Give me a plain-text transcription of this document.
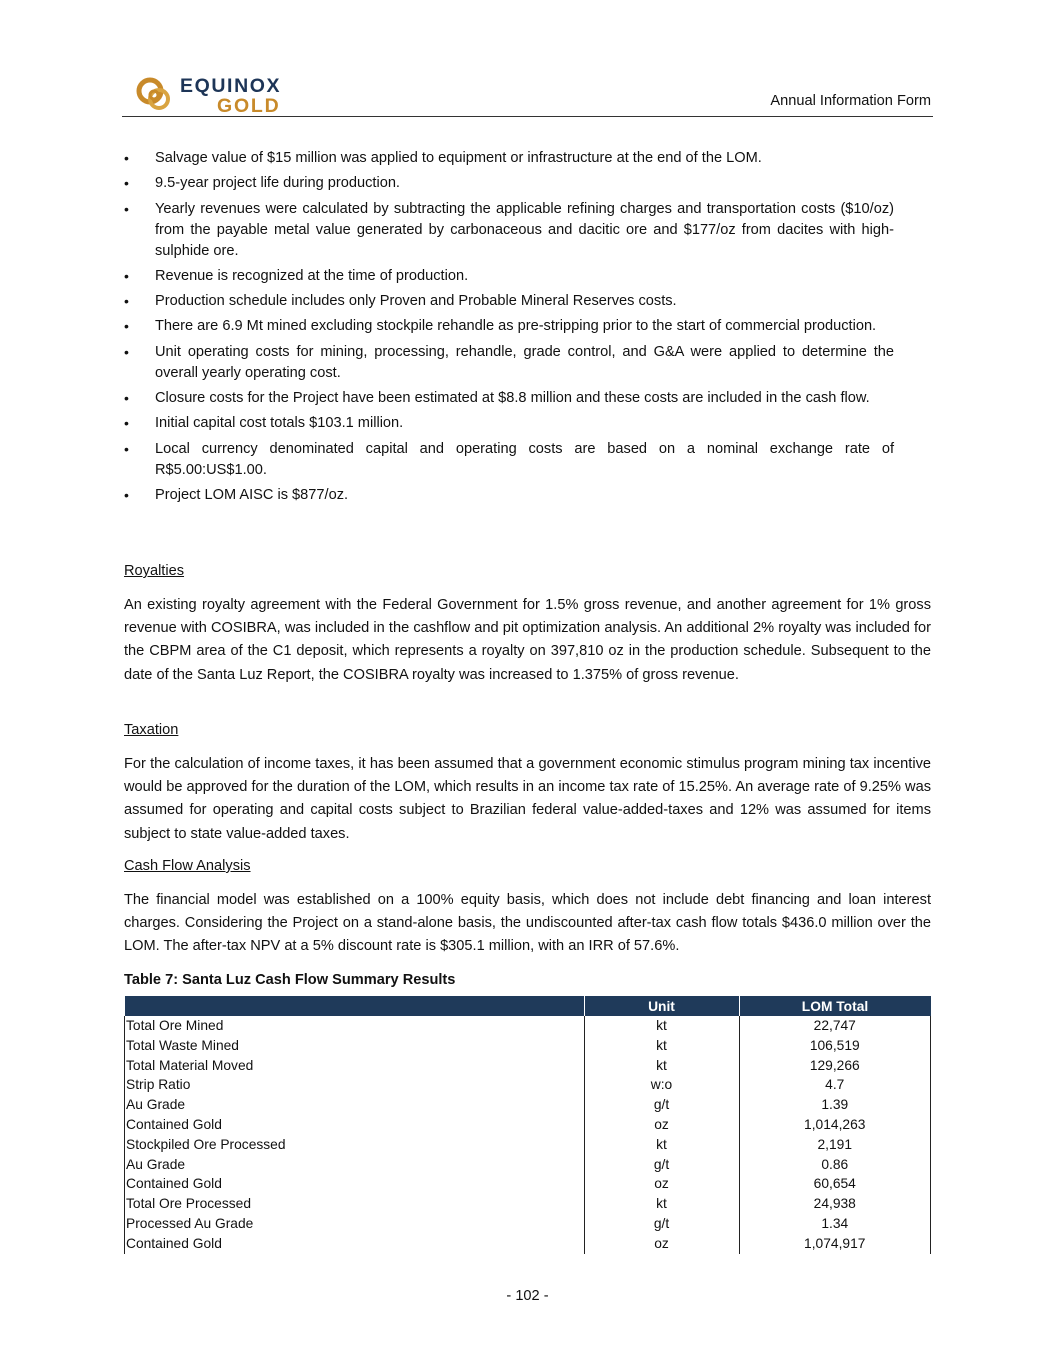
EQUINOX
GOLD	Annual Information Form
• Salvage value of $15 million was applied to equipment or infrastructure at the end of the LOM.
• 9.5-year project life during production.
• Yearly revenues were calculated by subtracting the applicable refining charges and transportation costs ($10/oz) from the payable metal value generated by carbonaceous and dacitic ore and $177/oz from dacites with high-sulphide ore.
• Revenue is recognized at the time of production.
• Production schedule includes only Proven and Probable Mineral Reserves costs.
• There are 6.9 Mt mined excluding stockpile rehandle as pre-stripping prior to the start of commercial production.
• Unit operating costs for mining, processing, rehandle, grade control, and G&A were applied to determine the overall yearly operating cost.
• Closure costs for the Project have been estimated at $8.8 million and these costs are included in the cash flow.
• Initial capital cost totals $103.1 million.
• Local currency denominated capital and operating costs are based on a nominal exchange rate of R$5.00:US$1.00.
• Project LOM AISC is $877/oz.
Royalties

An existing royalty agreement with the Federal Government for 1.5% gross revenue, and another agreement for 1% gross revenue with COSIBRA, was included in the cashflow and pit optimization analysis. An additional 2% royalty was included for the CBPM area of the C1 deposit, which represents a royalty on 397,810 oz in the production schedule. Subsequent to the date of the Santa Luz Report, the COSIBRA royalty was increased to 1.375% of gross revenue.

Taxation

For the calculation of income taxes, it has been assumed that a government economic stimulus program mining tax incentive would be approved for the duration of the LOM, which results in an income tax rate of 15.25%. An average rate of 9.25% was assumed for operating and capital costs subject to Brazilian federal value-added-taxes and 12% was assumed for items subject to state value-added taxes.

Cash Flow Analysis

The financial model was established on a 100% equity basis, which does not include debt financing and loan interest charges. Considering the Project on a stand-alone basis, the undiscounted after-tax cash flow totals $436.0 million over the LOM. The after-tax NPV at a 5% discount rate is $305.1 million, with an IRR of 57.6%.

Table 7: Santa Luz Cash Flow Summary Results
	Unit	LOM Total
Total Ore Mined	kt	22,747
Total Waste Mined	kt	106,519
Total Material Moved	kt	129,266
Strip Ratio	w:o	4.7
Au Grade	g/t	1.39
Contained Gold	oz	1,014,263
Stockpiled Ore Processed	kt	2,191
Au Grade	g/t	0.86
Contained Gold	oz	60,654
Total Ore Processed	kt	24,938
Processed Au Grade	g/t	1.34
Contained Gold	oz	1,074,917
- 102 -
